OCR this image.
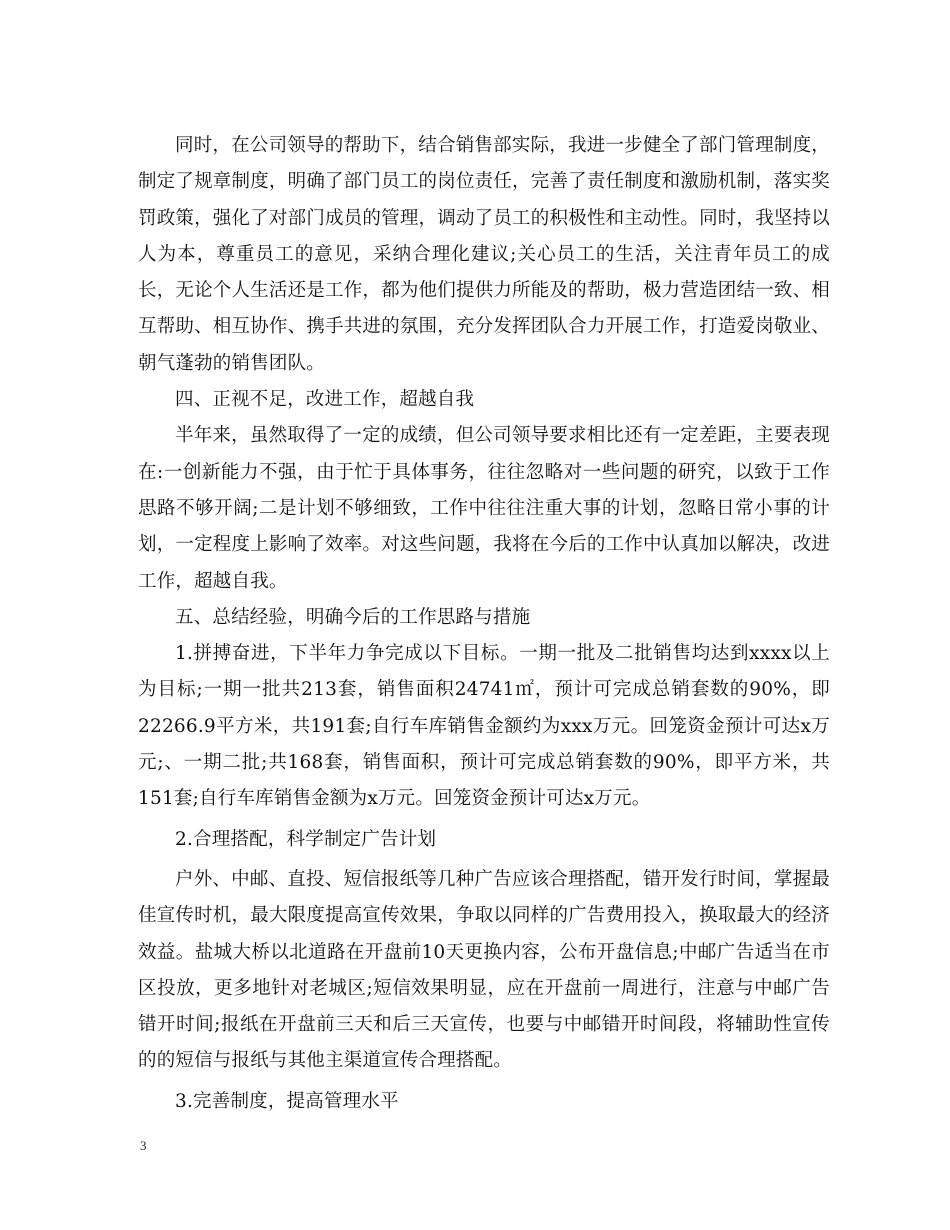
同时，在公司领导的帮助下，结合销售部实际，我进一步健全了部门管理制度，制定了规章制度，明确了部门员工的岗位责任，完善了责任制度和激励机制，落实奖罚政策，强化了对部门成员的管理，调动了员工的积极性和主动性。同时，我坚持以人为本，尊重员工的意见，采纳合理化建议;关心员工的生活，关注青年员工的成长，无论个人生活还是工作，都为他们提供力所能及的帮助，极力营造团结一致、相互帮助、相互协作、携手共进的氛围，充分发挥团队合力开展工作，打造爱岗敬业、朝气蓬勃的销售团队。

四、正视不足，改进工作，超越自我

半年来，虽然取得了一定的成绩，但公司领导要求相比还有一定差距，主要表现在:一创新能力不强，由于忙于具体事务，往往忽略对一些问题的研究，以致于工作思路不够开阔;二是计划不够细致，工作中往往注重大事的计划，忽略日常小事的计划，一定程度上影响了效率。对这些问题，我将在今后的工作中认真加以解决，改进工作，超越自我。

五、总结经验，明确今后的工作思路与措施

1.拼搏奋进，下半年力争完成以下目标。一期一批及二批销售均达到xxxx以上为目标;一期一批共213套，销售面积24741㎡，预计可完成总销套数的90%，即22266.9平方米，共191套;自行车库销售金额约为xxx万元。回笼资金预计可达x万元;、一期二批;共168套，销售面积，预计可完成总销套数的90%，即平方米，共151套;自行车库销售金额为x万元。回笼资金预计可达x万元。

2.合理搭配，科学制定广告计划

户外、中邮、直投、短信报纸等几种广告应该合理搭配，错开发行时间，掌握最佳宣传时机，最大限度提高宣传效果，争取以同样的广告费用投入，换取最大的经济效益。盐城大桥以北道路在开盘前10天更换内容，公布开盘信息;中邮广告适当在市区投放，更多地针对老城区;短信效果明显，应在开盘前一周进行，注意与中邮广告错开时间;报纸在开盘前三天和后三天宣传，也要与中邮错开时间段，将辅助性宣传的的短信与报纸与其他主渠道宣传合理搭配。

3.完善制度，提高管理水平

3
